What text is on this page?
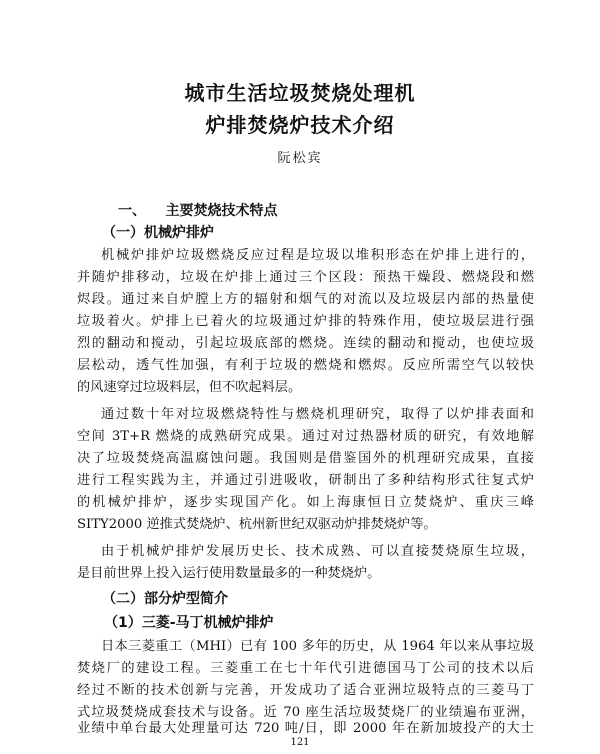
城市生活垃圾焚烧处理机
炉排焚烧炉技术介绍
阮松宾
一、    主要焚烧技术特点
（一）机械炉排炉
机械炉排炉垃圾燃烧反应过程是垃圾以堆积形态在炉排上进行的，
并随炉排移动，垃圾在炉排上通过三个区段：预热干燥段、燃烧段和燃
烬段。通过来自炉膛上方的辐射和烟气的对流以及垃圾层内部的热量使
垃圾着火。炉排上已着火的垃圾通过炉排的特殊作用，使垃圾层进行强
烈的翻动和搅动，引起垃圾底部的燃烧。连续的翻动和搅动，也使垃圾
层松动，透气性加强，有利于垃圾的燃烧和燃烬。反应所需空气以较快
的风速穿过垃圾料层，但不吹起料层。
通过数十年对垃圾燃烧特性与燃烧机理研究，取得了以炉排表面和
空间 3T+R 燃烧的成熟研究成果。通过对过热器材质的研究，有效地解
决了垃圾焚烧高温腐蚀问题。我国则是借鉴国外的机理研究成果，直接
进行工程实践为主，并通过引进吸收，研制出了多种结构形式往复式炉
的机械炉排炉，逐步实现国产化。如上海康恒日立焚烧炉、重庆三峰
SITY2000 逆推式焚烧炉、杭州新世纪双驱动炉排焚烧炉等。
由于机械炉排炉发展历史长、技术成熟、可以直接焚烧原生垃圾，
是目前世界上投入运行使用数量最多的一种焚烧炉。
（二）部分炉型简介
（1）三菱-马丁机械炉排炉
日本三菱重工（MHI）已有 100 多年的历史，从 1964 年以来从事垃圾
焚烧厂的建设工程。三菱重工在七十年代引进德国马丁公司的技术以后
经过不断的技术创新与完善，开发成功了适合亚洲垃圾特点的三菱马丁
式垃圾焚烧成套技术与设备。近 70 座生活垃圾焚烧厂的业绩遍布亚洲，
业绩中单台最大处理量可达 720 吨/日，即 2000 年在新加坡投产的大士
121
